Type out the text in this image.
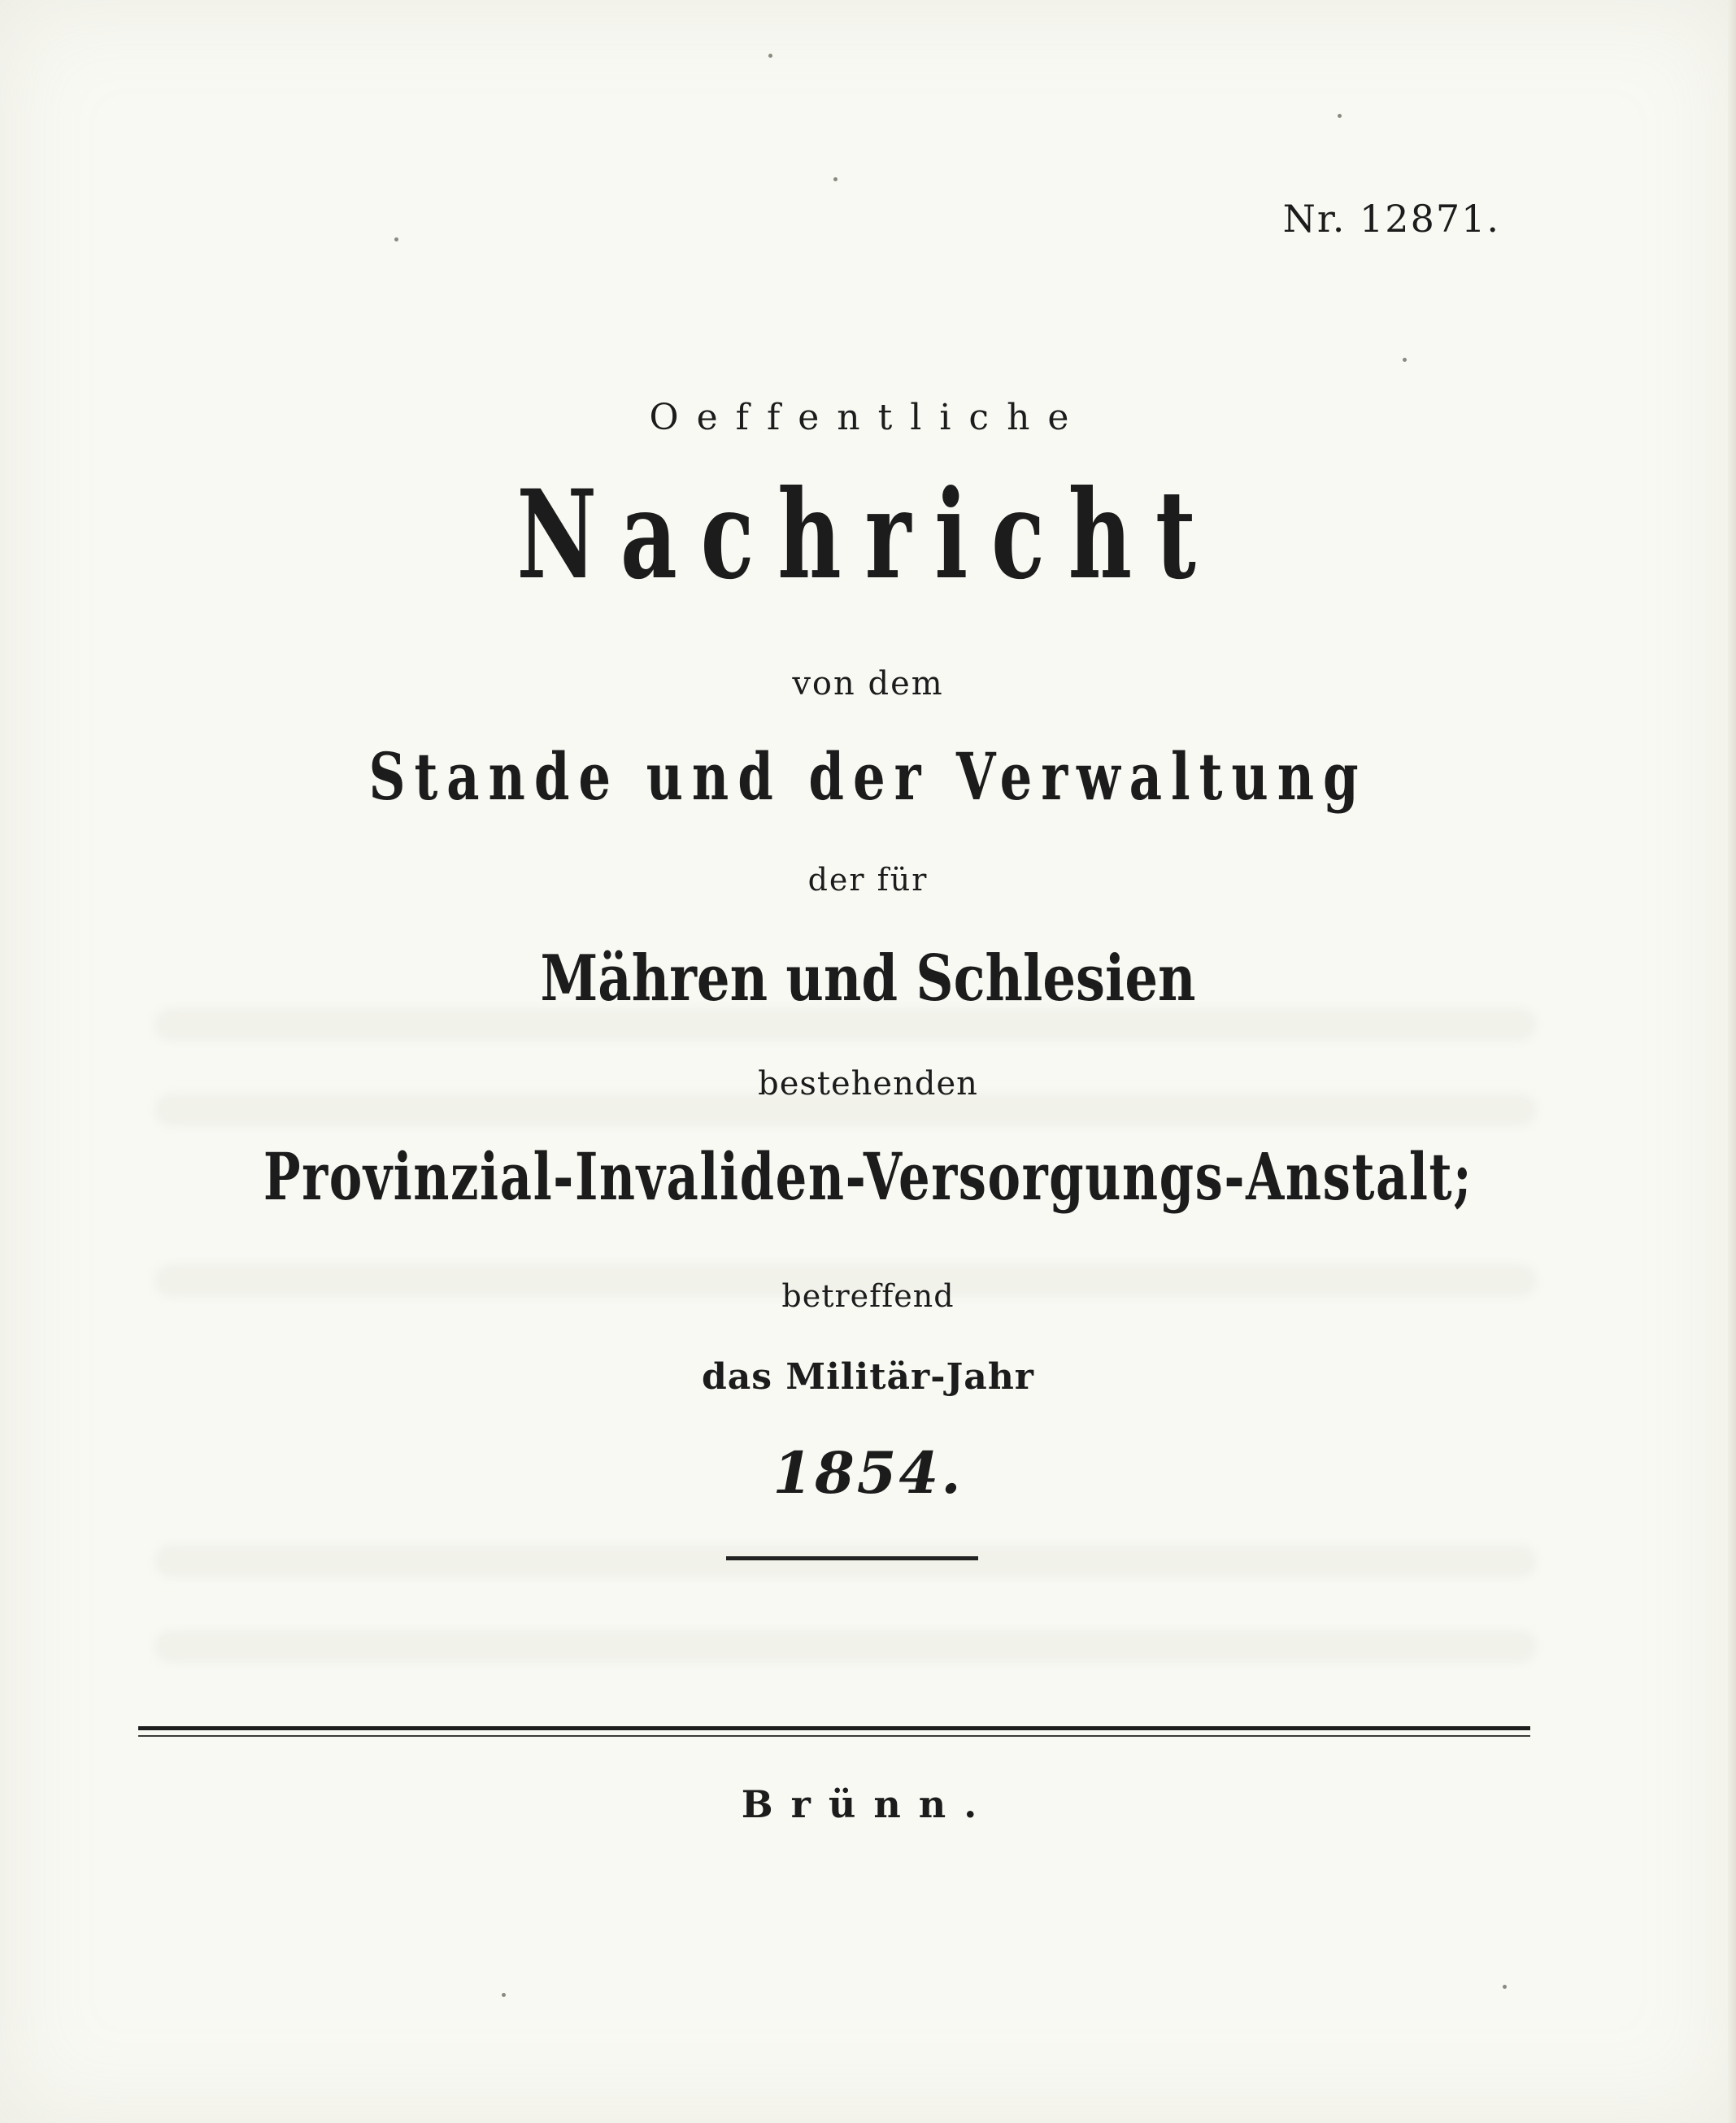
Nr. 12871.
Oeffentliche
Nachricht
von dem
Stande und der Verwaltung
der für
Mähren und Schlesien
bestehenden
Provinzial-Invaliden-Versorgungs-Anstalt;
betreffend
das Militär-Jahr
1854.
Brünn.
